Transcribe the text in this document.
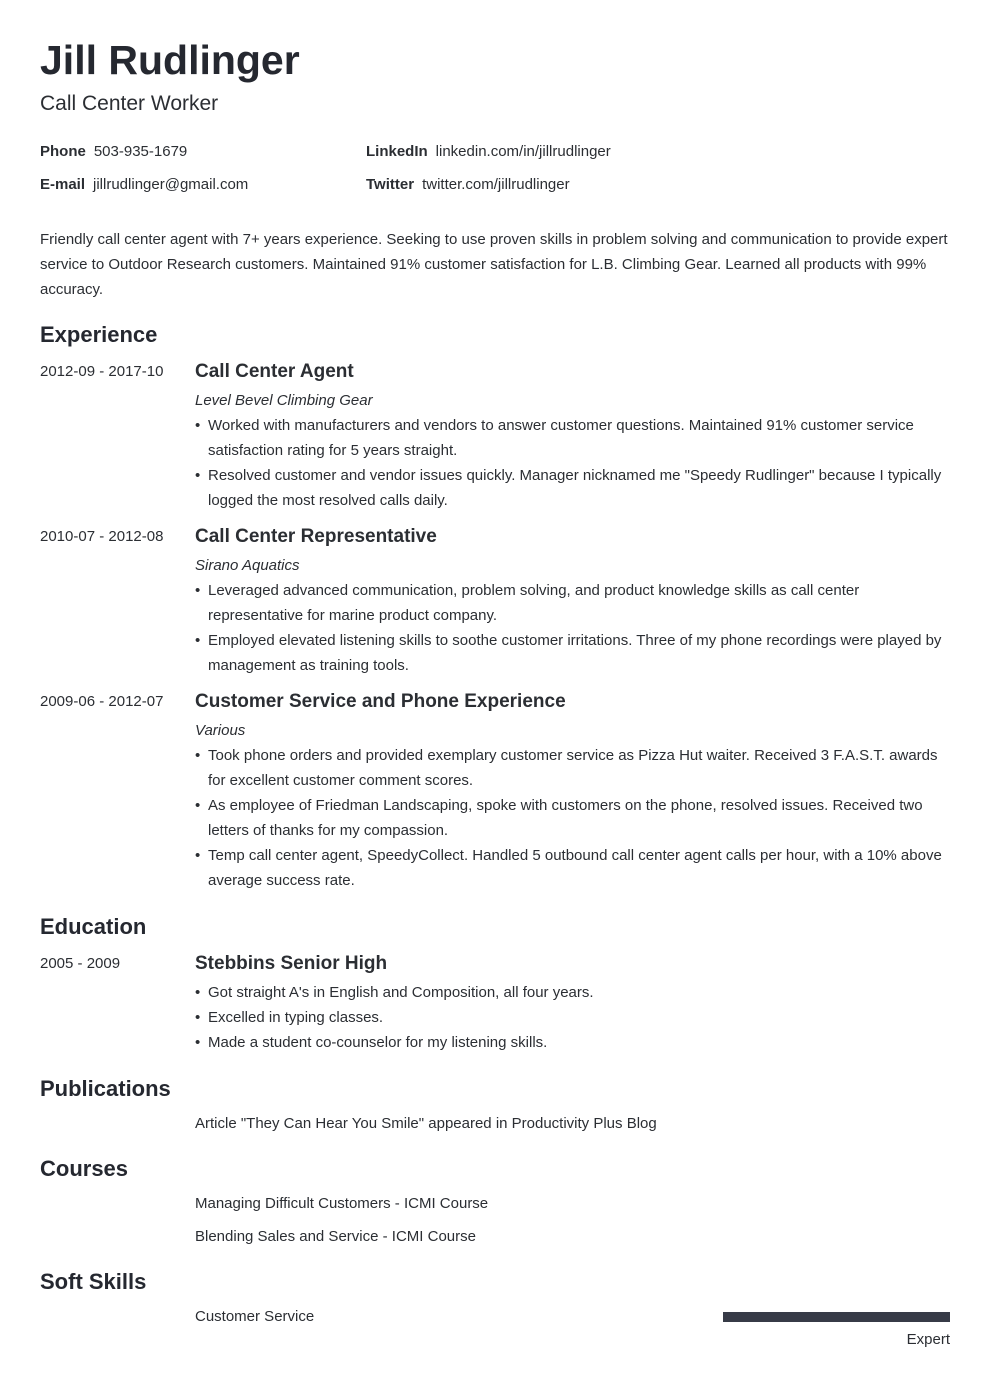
Jill Rudlinger

Call Center Worker

Phone 503-935-1679	LinkedIn linkedin.com/in/jillrudlinger
E-mail jillrudlinger@gmail.com	Twitter twitter.com/jillrudlinger

Friendly call center agent with 7+ years experience. Seeking to use proven skills in problem solving and communication to provide expert service to Outdoor Research customers. Maintained 91% customer satisfaction for L.B. Climbing Gear. Learned all products with 99% accuracy.

Experience
2012-09 - 2017-10 Call Center Agent
Level Bevel Climbing Gear
• Worked with manufacturers and vendors to answer customer questions. Maintained 91% customer service satisfaction rating for 5 years straight.
• Resolved customer and vendor issues quickly. Manager nicknamed me "Speedy Rudlinger" because I typically logged the most resolved calls daily.
2010-07 - 2012-08 Call Center Representative
Sirano Aquatics
• Leveraged advanced communication, problem solving, and product knowledge skills as call center representative for marine product company.
• Employed elevated listening skills to soothe customer irritations. Three of my phone recordings were played by management as training tools.
2009-06 - 2012-07 Customer Service and Phone Experience
Various
• Took phone orders and provided exemplary customer service as Pizza Hut waiter. Received 3 F.A.S.T. awards for excellent customer comment scores.
• As employee of Friedman Landscaping, spoke with customers on the phone, resolved issues. Received two letters of thanks for my compassion.
• Temp call center agent, SpeedyCollect. Handled 5 outbound call center agent calls per hour, with a 10% above average success rate.
Education
2005 - 2009	Stebbins Senior High
• Got straight A's in English and Composition, all four years.
• Excelled in typing classes.
• Made a student co-counselor for my listening skills.
Publications
Article "They Can Hear You Smile" appeared in Productivity Plus Blog
Courses
Managing Difficult Customers - ICMI Course
Blending Sales and Service - ICMI Course
Soft Skills
Customer Service
Expert
